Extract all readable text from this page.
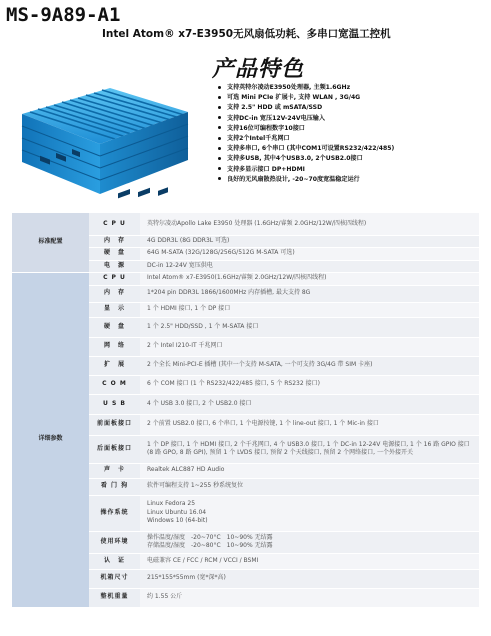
MS-9A89-A1
Intel Atom® x7-E3950无风扇低功耗、多串口宽温工控机
产品特色
支持英特尔凌动E3950处理器, 主频1.6GHz
可选 Mini PCIe 扩展卡, 支持 WLAN , 3G/4G
支持 2.5" HDD 或 mSATA/SSD
支持DC-in 宽压12V-24V电压输入
支持16位可编程数字10接口
支持2个Intel千兆网口
支持多串口, 6个串口 (其中COM1可设置RS232/422/485)
支持多USB, 其中4个USB3.0, 2个USB2.0接口
支持多显示接口 DP+HDMI
良好的无风扇散热设计, -20~70度宽温稳定运行
标准配置	C P U	英特尔凌动Apollo Lake E3950 处理器 (1.6GHz/睿频 2.0GHz/12W/四核四线程)
	内　存	4G DDR3L (8G DDR3L 可选)
	硬　盘	64G M-SATA (32G/128G/256G/512G M-SATA 可选)
	电　源	DC-in 12-24V 宽压供电
详细参数	C P U	Intel Atom® x7-E3950(1.6GHz/睿频 2.0GHz/12W/四核四线程)
	内　存	1*204 pin DDR3L 1866/1600MHz 内存插槽, 最大支持 8G
	显　示	1 个 HDMI 接口, 1 个 DP 接口
	硬　盘	1 个 2.5" HDD/SSD , 1 个 M-SATA 接口
	网　络	2 个 Intel I210-IT 千兆网口
	扩　展	2 个全长 Mini-PCI-E 插槽 (其中一个支持 M-SATA, 一个可支持 3G/4G 带 SIM 卡座)
	C O M	6 个 COM 接口 (1 个 RS232/422/485 接口, 5 个 RS232 接口)
	U S B	4 个 USB 3.0 接口, 2 个 USB2.0 接口
	前面板接口	2 个前置 USB2.0 接口, 6 个串口, 1 个电源按键, 1 个 line-out 接口, 1 个 Mic-in 接口
	后面板接口	1 个 DP 接口, 1 个 HDMI 接口, 2 个千兆网口, 4 个 USB3.0 接口, 1 个 DC-in 12-24V 电源接口, 1 个 16 路 GPIO 接口 (8 路 GPO, 8 路 GPI), 预留 1 个 LVDS 接口, 预留 2 个天线接口, 预留 2 个网络接口, 一个外接开关
	声　卡	Realtek ALC887 HD Audio
	看 门 狗	软件可编程支持 1~255 秒系统复位
	操作系统	Linux Fedora 25
Linux Ubuntu 16.04
Windows 10 (64-bit)
	使用环境	操作温度/湿度　-20~70°C　10~90% 无结露
存储温度/湿度　-20~80°C　10~90% 无结露
	认　证	电磁兼容 CE / FCC / RCM / VCCI / BSMI
	机箱尺寸	215*155*55mm (宽*深*高)
	整机重量	约 1.55 公斤
